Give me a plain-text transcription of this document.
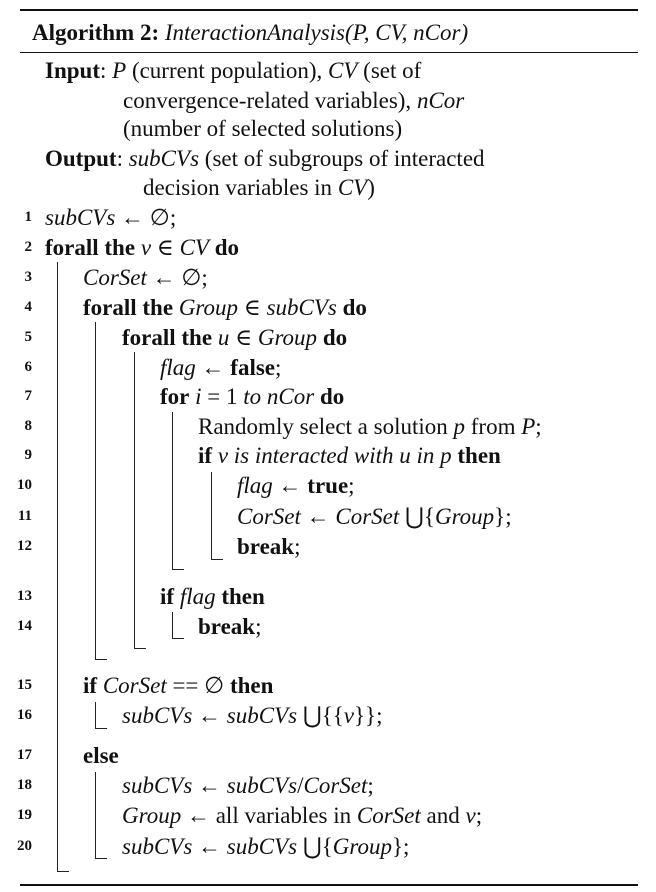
Algorithm 2: InteractionAnalysis(P, CV, nCor)
Input: P (current population), CV (set of
convergence-related variables), nCor
(number of selected solutions)
Output: subCVs (set of subgroups of interacted
decision variables in CV)
1 subCVs ← ∅;
2 forall the v ∈ CV do
3 CorSet ← ∅;
4 forall the Group ∈ subCVs do
5	forall the u ∈ Group do
6	flag ← false;
7	for i = 1 to nCor do
8	Randomly select a solution p from P;
9	if v is interacted with u in p then
10	flag ← true;
11	CorSet ← CorSet ⋃{Group};
12	break;
13	if flag then
14	break;
15 if CorSet == ∅ then
16	subCVs ← subCVs ⋃{{v}};
17 else
18	subCVs ← subCVs/CorSet;
19	Group ← all variables in CorSet and v;
20	subCVs ← subCVs ⋃{Group};
